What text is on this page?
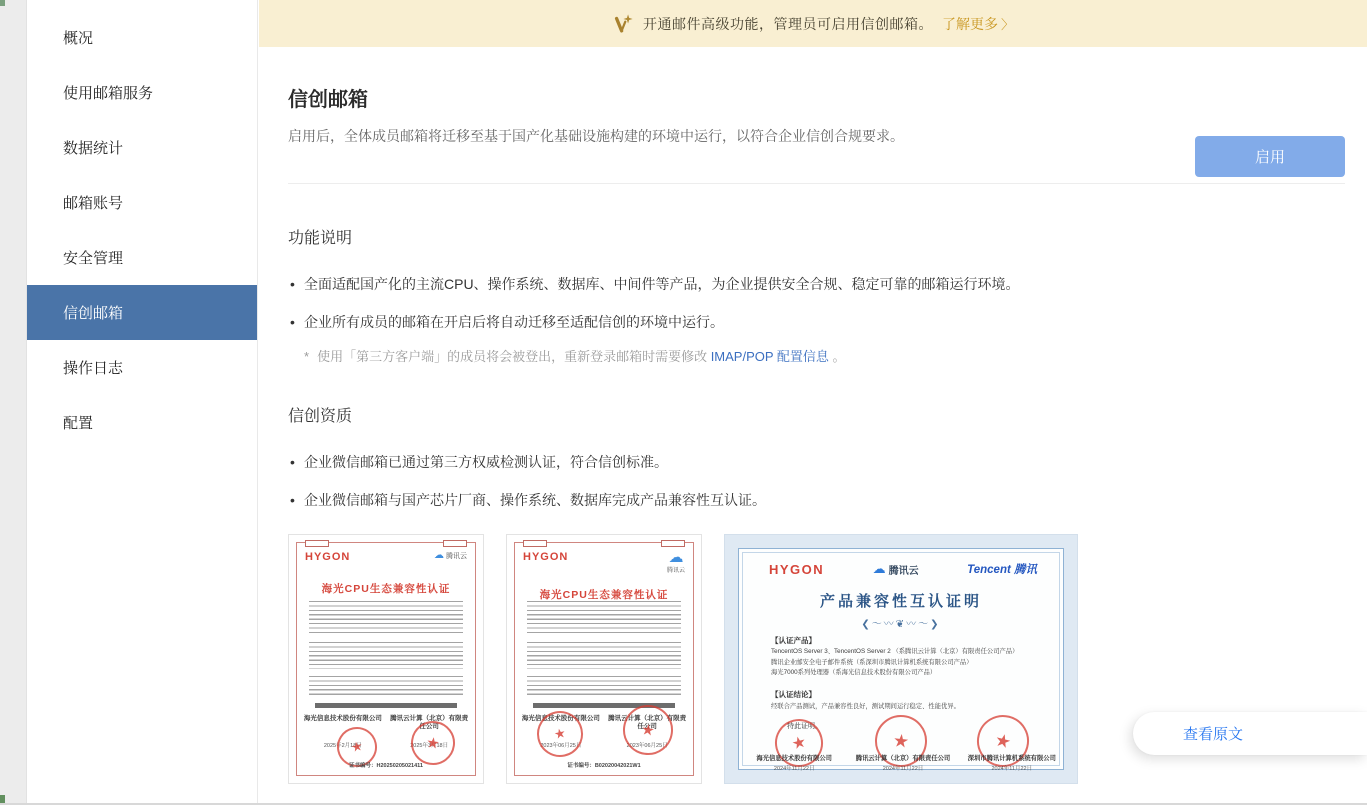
概况
使用邮箱服务
数据统计
邮箱账号
安全管理
信创邮箱
操作日志
配置
开通邮件高级功能，管理员可启用信创邮箱。 了解更多 〉
信创邮箱
启用后，全体成员邮箱将迁移至基于国产化基础设施构建的环境中运行，以符合企业信创合规要求。
启用
功能说明
• 全面适配国产化的主流CPU、操作系统、数据库、中间件等产品，为企业提供安全合规、稳定可靠的邮箱运行环境。
• 企业所有成员的邮箱在开启后将自动迁移至适配信创的环境中运行。
* 使用「第三方客户端」的成员将会被登出，重新登录邮箱时需要修改 IMAP/POP 配置信息 。
信创资质
• 企业微信邮箱已通过第三方权威检测认证，符合信创标准。
• 企业微信邮箱与国产芯片厂商、操作系统、数据库完成产品兼容性互认证。
HYGON	☁ 腾讯云
海光CPU生态兼容性认证
海光信息技术股份有限公司 腾讯云计算（北京）有限责任公司
2025年2月18日	2025年3月18日
★
★
证书编号：H20250205021411
HYGON	☁
腾讯云
海光CPU生态兼容性认证
海光信息技术股份有限公司 腾讯云计算（北京）有限责任公司
2023年06月25日	2023年06月25日
★
★
证书编号：B02020042021W1
HYGON	☁ 腾讯云	Tencent 腾讯
产品兼容性互认证明
❮〜〰❦〰〜❯
【认证产品】
TencentOS Server 3、TencentOS Server 2 （系腾讯云计算（北京）有限责任公司产品）
腾讯企业邮安全电子邮件系统（系深圳市腾讯计算机系统有限公司产品）
海光7000系列处理器（系海光信息技术股份有限公司产品）
【认证结论】
经联合产品测试，产品兼容性良好，测试期间运行稳定、性能优异。
特此证明。
★
★
★
海光信息技术股份有限公司
2024年11月22日
腾讯云计算（北京）有限责任公司
2024年11月22日
深圳市腾讯计算机系统有限公司
2024年11月22日
查看原文
